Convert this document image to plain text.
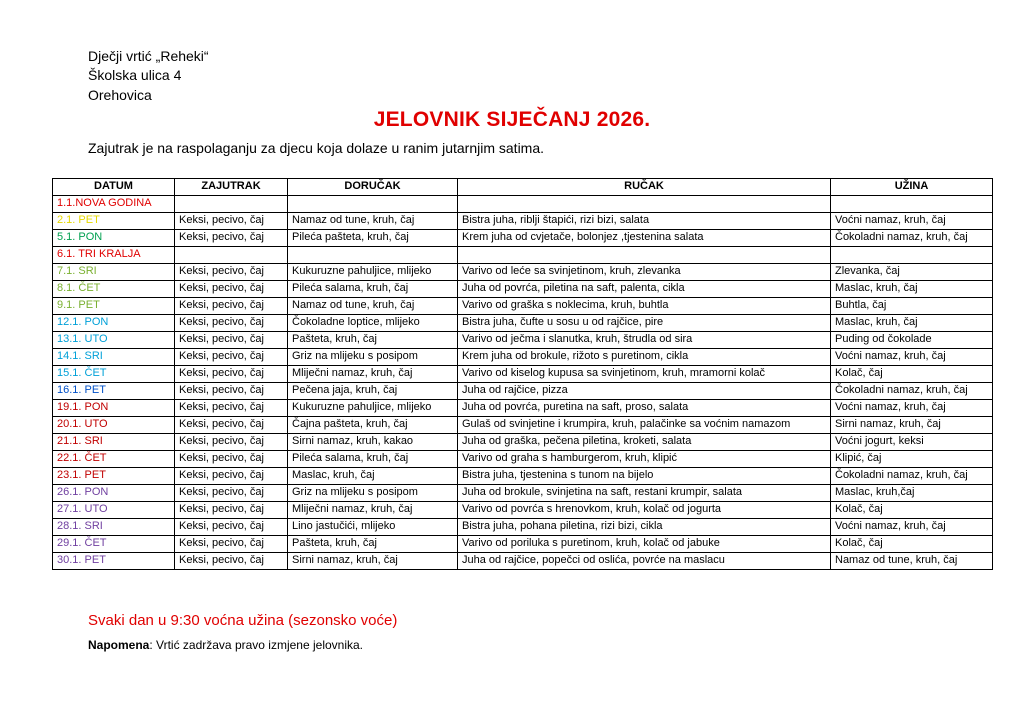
Dječji vrtić „Reheki“
Školska ulica 4
Orehovica
JELOVNIK SIJEČANJ 2026.
Zajutrak je na raspolaganju za djecu koja dolaze u ranim jutarnjim satima.
DATUM	ZAJUTRAK	DORUČAK	RUČAK	UŽINA
1.1.NOVA GODINA				
2.1. PET	Keksi, pecivo, čaj	Namaz od tune, kruh, čaj	Bistra juha, riblji štapići, rizi bizi, salata	Voćni namaz, kruh, čaj
5.1. PON	Keksi, pecivo, čaj	Pileća pašteta, kruh, čaj	Krem juha od cvjetače, bolonjez ,tjestenina salata	Čokoladni namaz, kruh, čaj
6.1. TRI KRALJA				
7.1. SRI	Keksi, pecivo, čaj	Kukuruzne pahuljice, mlijeko	Varivo od leće sa svinjetinom, kruh, zlevanka	Zlevanka, čaj
8.1. ČET	Keksi, pecivo, čaj	Pileća salama, kruh, čaj	Juha od povrća, piletina na saft, palenta, cikla	Maslac, kruh, čaj
9.1. PET	Keksi, pecivo, čaj	Namaz od tune, kruh, čaj	Varivo od graška s noklecima, kruh, buhtla	Buhtla, čaj
12.1. PON	Keksi, pecivo, čaj	Čokoladne loptice, mlijeko	Bistra juha, čufte u sosu u od rajčice, pire	Maslac, kruh, čaj
13.1. UTO	Keksi, pecivo, čaj	Pašteta, kruh, čaj	Varivo od ječma i slanutka, kruh, štrudla od sira	Puding od čokolade
14.1. SRI	Keksi, pecivo, čaj	Griz na mlijeku s posipom	Krem juha od brokule, rižoto s puretinom, cikla	Voćni namaz, kruh, čaj
15.1. ČET	Keksi, pecivo, čaj	Mliječni namaz, kruh, čaj	Varivo od kiselog kupusa sa svinjetinom, kruh, mramorni kolač	Kolač, čaj
16.1. PET	Keksi, pecivo, čaj	Pečena jaja, kruh, čaj	Juha od rajčice, pizza	Čokoladni namaz, kruh, čaj
19.1. PON	Keksi, pecivo, čaj	Kukuruzne pahuljice, mlijeko	Juha od povrća, puretina na saft, proso, salata	Voćni namaz, kruh, čaj
20.1. UTO	Keksi, pecivo, čaj	Čajna pašteta, kruh, čaj	Gulaš od svinjetine i krumpira, kruh, palačinke sa voćnim namazom	Sirni namaz, kruh, čaj
21.1. SRI	Keksi, pecivo, čaj	Sirni namaz, kruh, kakao	Juha od graška, pečena piletina, kroketi, salata	Voćni jogurt, keksi
22.1. ČET	Keksi, pecivo, čaj	Pileća salama, kruh, čaj	Varivo od graha s hamburgerom, kruh, klipić	Klipić, čaj
23.1. PET	Keksi, pecivo, čaj	Maslac, kruh, čaj	Bistra juha, tjestenina s tunom na bijelo	Čokoladni namaz, kruh, čaj
26.1. PON	Keksi, pecivo, čaj	Griz na mlijeku s posipom	Juha od brokule, svinjetina na saft, restani krumpir, salata	Maslac, kruh,čaj
27.1. UTO	Keksi, pecivo, čaj	Mliječni namaz, kruh, čaj	Varivo od povrća s hrenovkom, kruh, kolač od jogurta	Kolač, čaj
28.1. SRI	Keksi, pecivo, čaj	Lino jastučići, mlijeko	Bistra juha, pohana piletina, rizi bizi, cikla	Voćni namaz, kruh, čaj
29.1. ČET	Keksi, pecivo, čaj	Pašteta, kruh, čaj	Varivo od poriluka s puretinom, kruh, kolač od jabuke	Kolač, čaj
30.1. PET	Keksi, pecivo, čaj	Sirni namaz, kruh, čaj	Juha od rajčice, popečci od oslića, povrće na maslacu	Namaz od tune, kruh, čaj
Svaki dan u 9:30 voćna užina (sezonsko voće)
Napomena: Vrtić zadržava pravo izmjene jelovnika.
